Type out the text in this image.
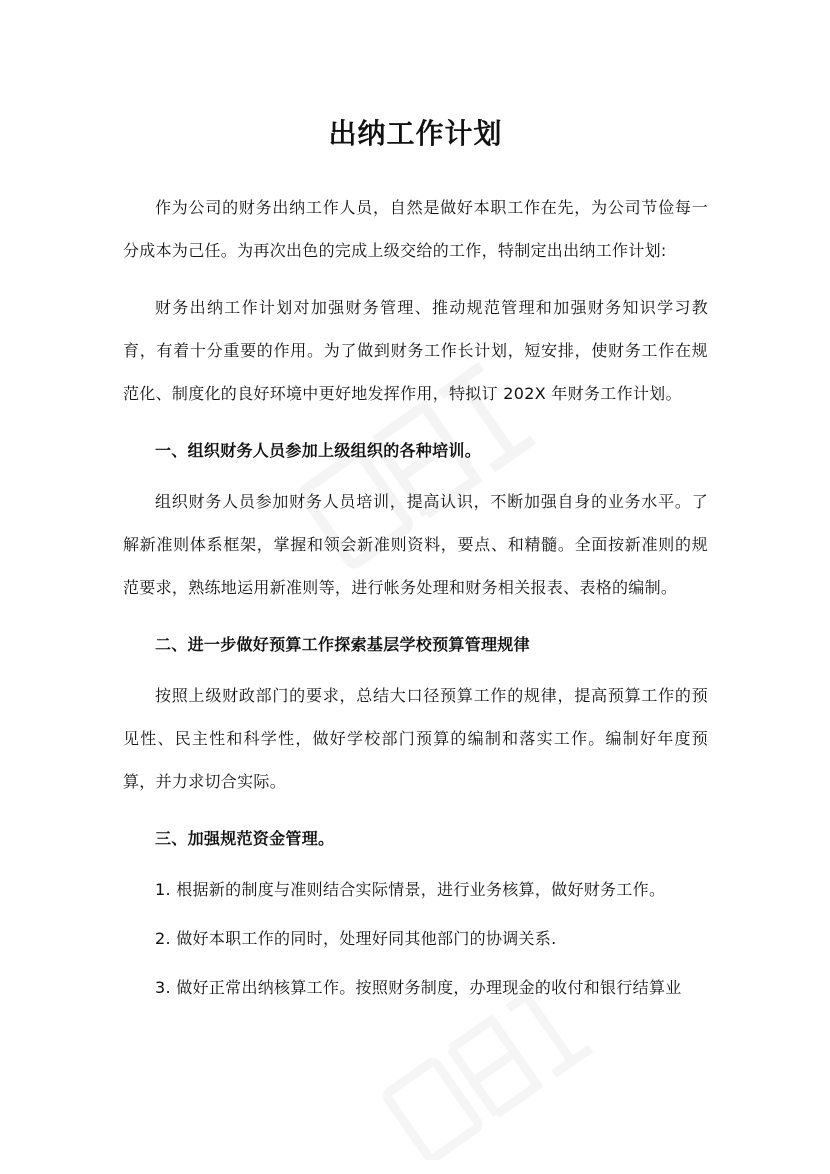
出纳工作计划

作为公司的财务出纳工作人员，自然是做好本职工作在先，为公司节俭每一分成本为己任。为再次出色的完成上级交给的工作，特制定出出纳工作计划:

财务出纳工作计划对加强财务管理、推动规范管理和加强财务知识学习教育，有着十分重要的作用。为了做到财务工作长计划，短安排，使财务工作在规范化、制度化的良好环境中更好地发挥作用，特拟订 202X 年财务工作计划。

一、组织财务人员参加上级组织的各种培训。

组织财务人员参加财务人员培训，提高认识，不断加强自身的业务水平。了解新准则体系框架，掌握和领会新准则资料，要点、和精髓。全面按新准则的规范要求，熟练地运用新准则等，进行帐务处理和财务相关报表、表格的编制。

二、进一步做好预算工作探索基层学校预算管理规律

按照上级财政部门的要求，总结大口径预算工作的规律，提高预算工作的预见性、民主性和科学性，做好学校部门预算的编制和落实工作。编制好年度预算，并力求切合实际。

三、加强规范资金管理。

1. 根据新的制度与准则结合实际情景，进行业务核算，做好财务工作。

2. 做好本职工作的同时，处理好同其他部门的协调关系.

3. 做好正常出纳核算工作。按照财务制度，办理现金的收付和银行结算业
